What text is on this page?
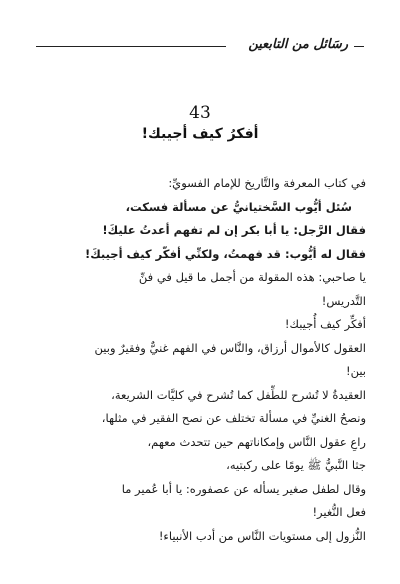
رسَائل من التابعين
43
أفكرُ كيف أجيبك!
في كتاب المعرفة والتَّاريخ للإمام الفسويِّ:
سُئل أيُّوب السَّختيانيُّ عن مسألة فسكت،
فقال الرَّجل: يا أبا بكر إن لم تفهم أعدتُ عليكَ!
فقال له أيُّوب: قد فهمتُ، ولكنِّي أفكّر كيف أجيبكَ!
يا صاحبي: هذه المقولة من أجمل ما قيل في فنِّ
التَّدريس!
أفكِّر كيف أُجيبك!
العقول كالأموال أرزاق، والنَّاس في الفهم غنيٌّ وفقيرٌ وبين
بين!
العقيدةُ لا تُشرح للطِّفل كما تُشرح في كليَّات الشريعة،
ونصحُ الغنيِّ في مسألة تختلف عن نصح الفقير في مثلها،
راعِ عقول النَّاس وإمكاناتهم حين تتحدث معهم،
جثا النَّبيُّ ﷺ يومًا على ركبتيه،
وقال لطفل صغير يسأله عن عصفوره: يا أبا عُمير ما
فعل النُّغير!
النُّزول إلى مستويات النَّاس من أدب الأنبياء!
